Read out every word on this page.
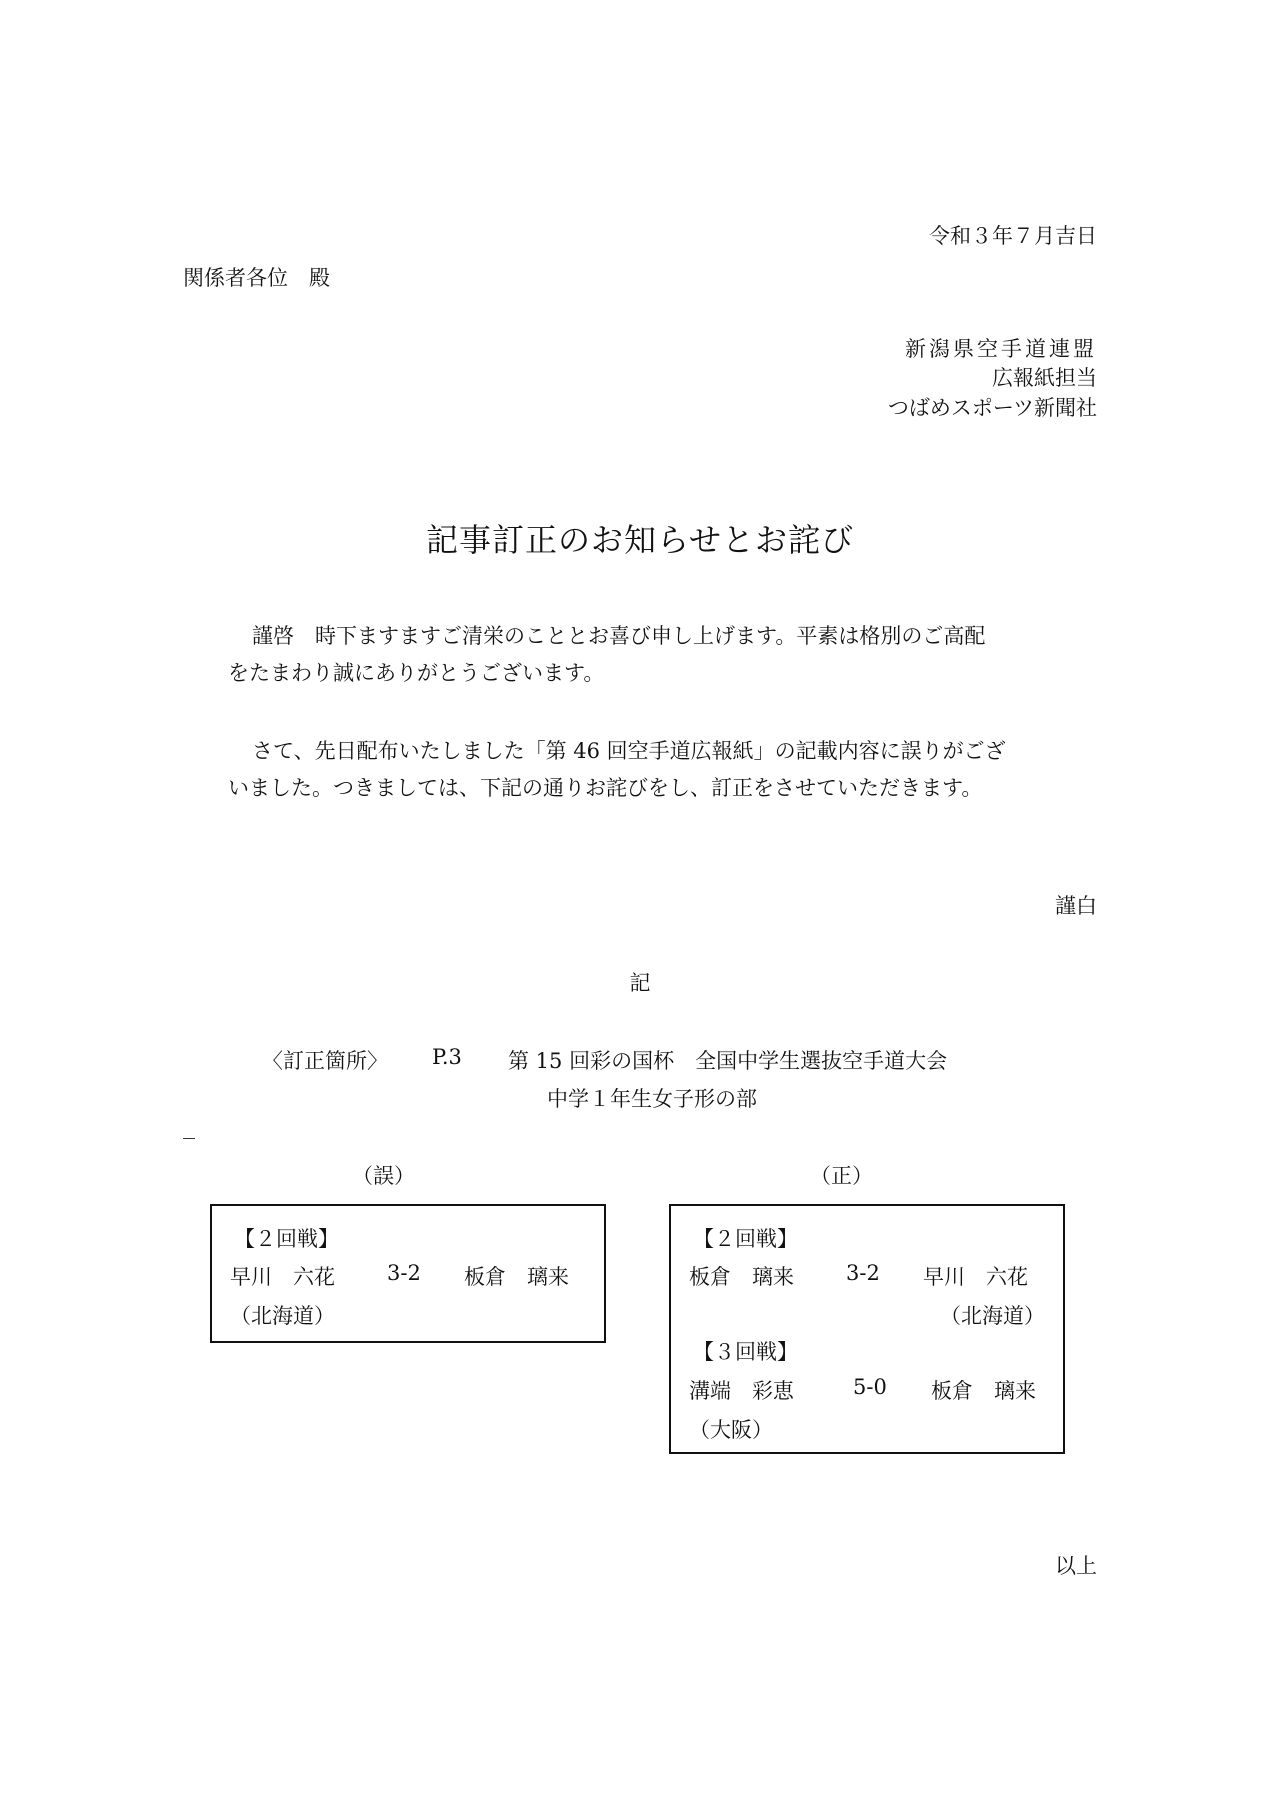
令和３年７月吉日
関係者各位　殿
新潟県空手道連盟
広報紙担当
つばめスポーツ新聞社
記事訂正のお知らせとお詫び
謹啓　時下ますますご清栄のこととお喜び申し上げます。平素は格別のご高配
をたまわり誠にありがとうございます。
さて、先日配布いたしました「第 46 回空手道広報紙」の記載内容に誤りがござ
いました。つきましては、下記の通りお詫びをし、訂正をさせていただきます。
謹白
記
〈訂正箇所〉 P.3 第 15 回彩の国杯　全国中学生選抜空手道大会
中学１年生女子形の部
（誤）
【２回戦】
早川　六花 3-2 板倉　璃来
（北海道）
（正）
【２回戦】
板倉　璃来 3-2 早川　六花
（北海道）
【３回戦】
溝端　彩恵	5-0 板倉　璃来
（大阪）
以上
